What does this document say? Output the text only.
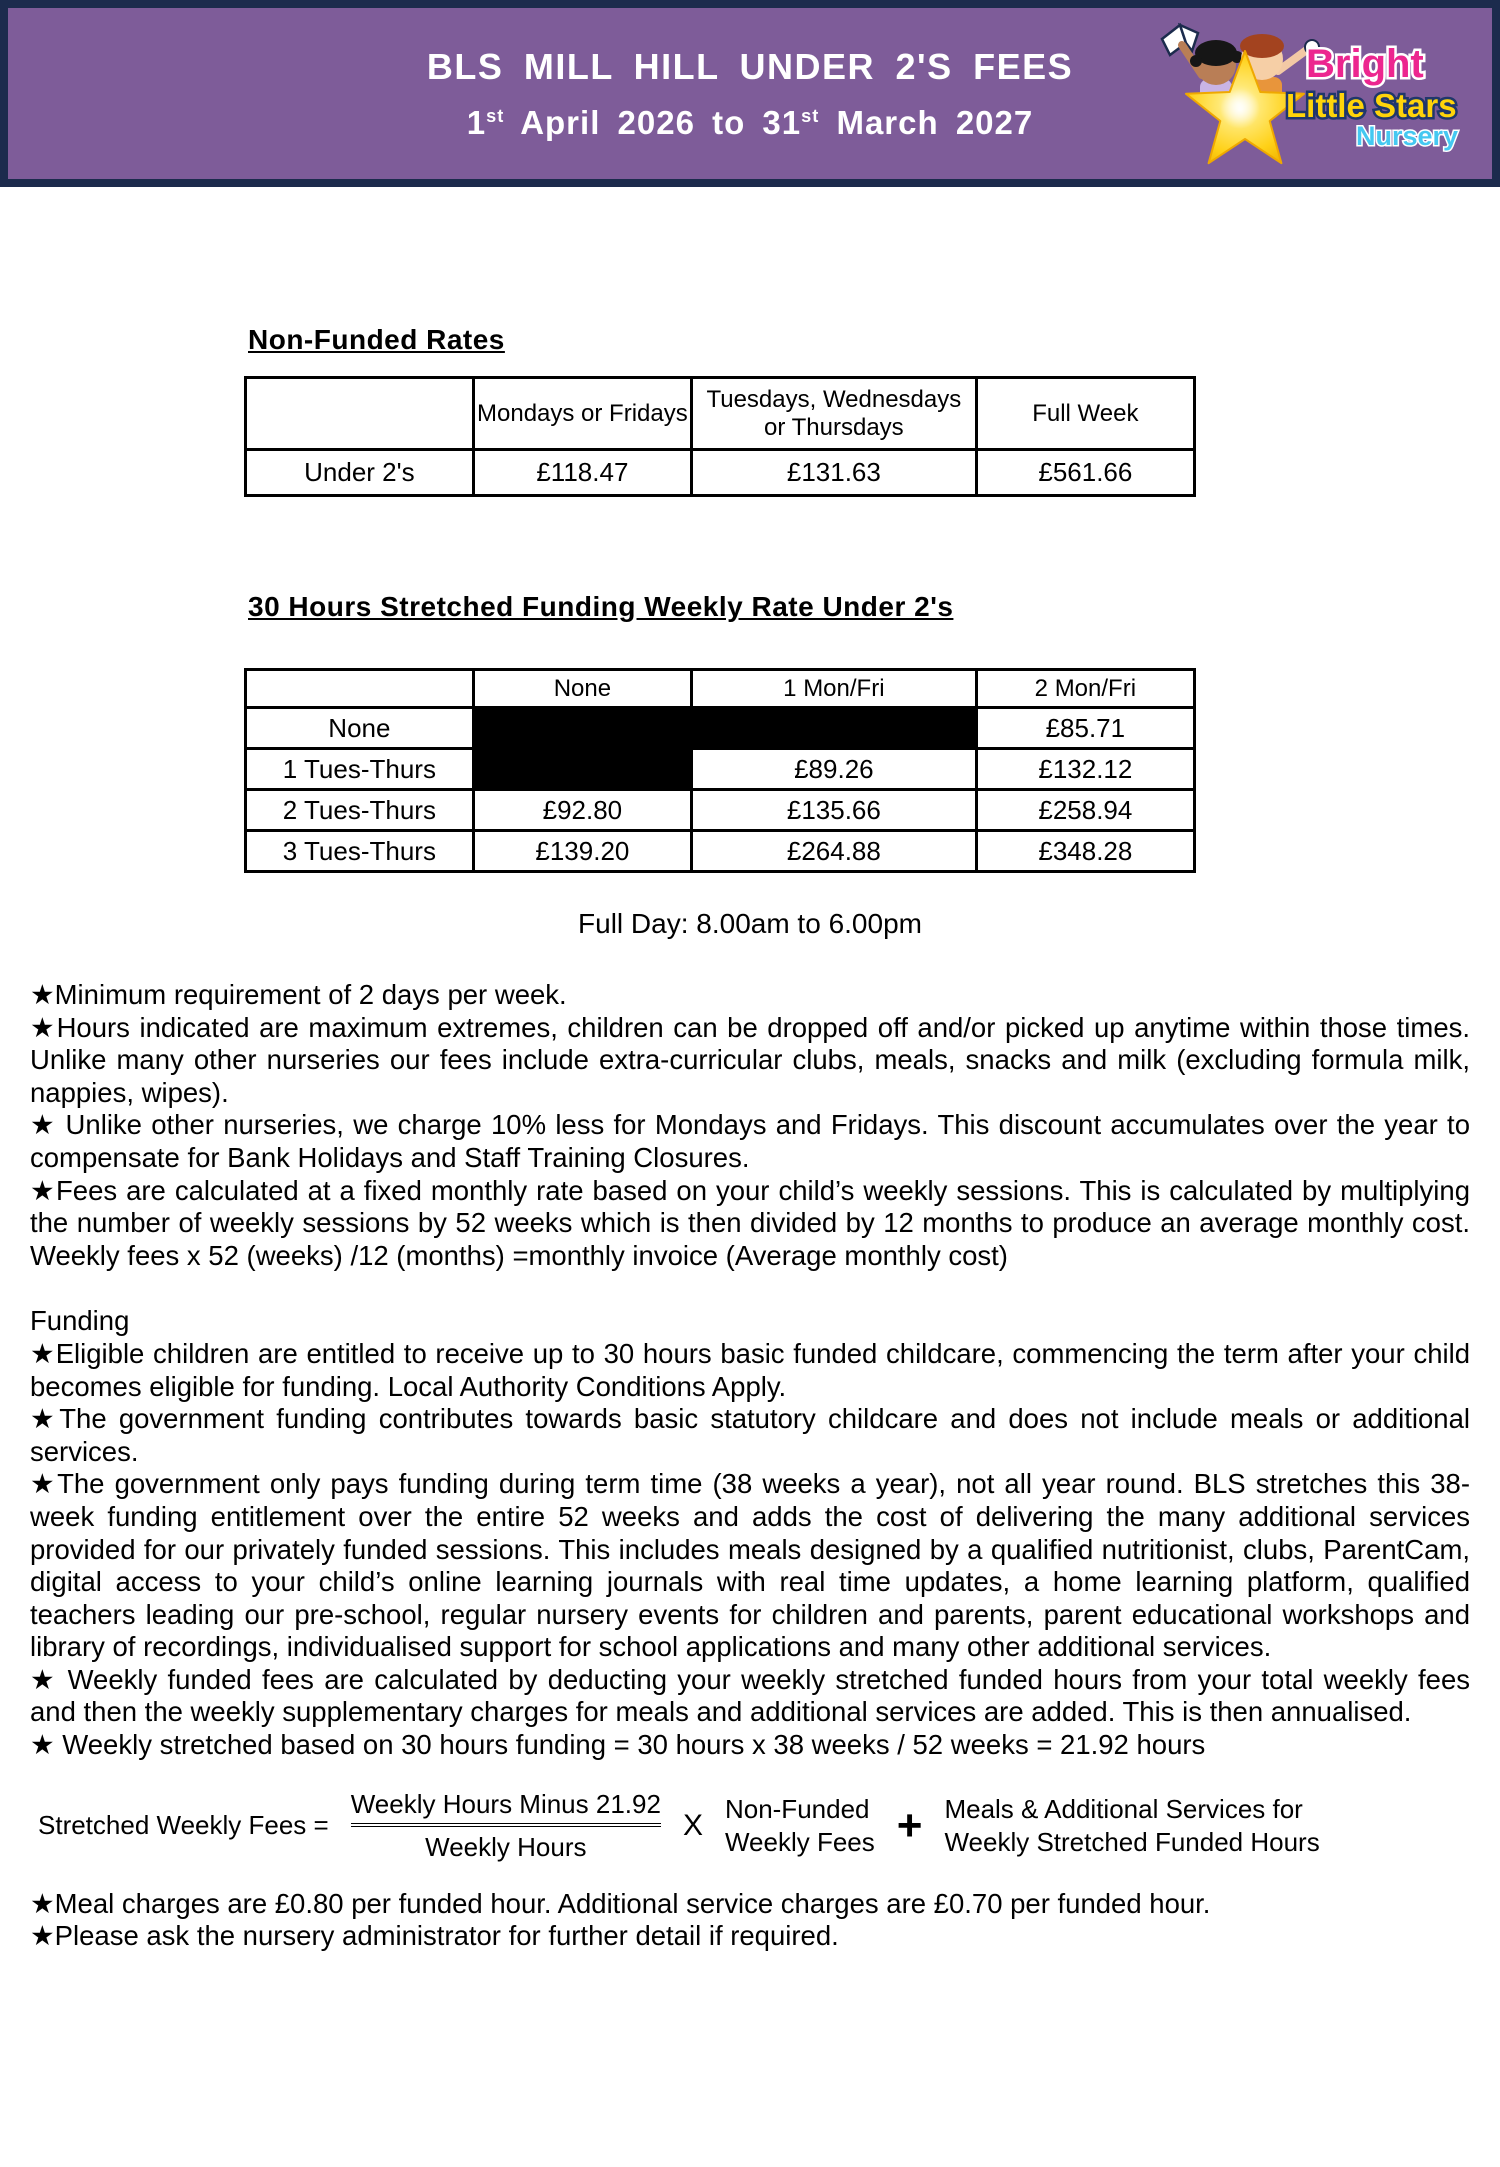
BLS MILL HILL UNDER 2'S FEES
1st April 2026 to 31st March 2027
Bright
Little Stars
Nursery
Non-Funded Rates
	Mondays or Fridays	Tuesdays, Wednesdays or Thursdays	Full Week
Under 2's	£118.47	£131.63	£561.66
30 Hours Stretched Funding Weekly Rate Under 2's
	None	1 Mon/Fri	2 Mon/Fri
None			£85.71
1 Tues-Thurs		£89.26	£132.12
2 Tues-Thurs	£92.80	£135.66	£258.94
3 Tues-Thurs	£139.20	£264.88	£348.28
Full Day: 8.00am to 6.00pm

★Minimum requirement of 2 days per week.

★Hours indicated are maximum extremes, children can be dropped off and/or picked up anytime within those times. Unlike many other nurseries our fees include extra-curricular clubs, meals, snacks and milk (excluding formula milk, nappies, wipes).

★ Unlike other nurseries, we charge 10% less for Mondays and Fridays. This discount accumulates over the year to compensate for Bank Holidays and Staff Training Closures.

★Fees are calculated at a fixed monthly rate based on your child’s weekly sessions. This is calculated by multiplying the number of weekly sessions by 52 weeks which is then divided by 12 months to produce an average monthly cost. Weekly fees x 52 (weeks) /12 (months) =monthly invoice (Average monthly cost)

Funding

★Eligible children are entitled to receive up to 30 hours basic funded childcare, commencing the term after your child becomes eligible for funding. Local Authority Conditions Apply.

★The government funding contributes towards basic statutory childcare and does not include meals or additional services.

★The government only pays funding during term time (38 weeks a year), not all year round. BLS stretches this 38-week funding entitlement over the entire 52 weeks and adds the cost of delivering the many additional services provided for our privately funded sessions. This includes meals designed by a qualified nutritionist, clubs, ParentCam, digital access to your child’s online learning journals with real time updates, a home learning platform, qualified teachers leading our pre-school, regular nursery events for children and parents, parent educational workshops and library of recordings, individualised support for school applications and many other additional services.

★ Weekly funded fees are calculated by deducting your weekly stretched funded hours from your total weekly fees and then the weekly supplementary charges for meals and additional services are added. This is then annualised.

★ Weekly stretched based on 30 hours funding = 30 hours x 38 weeks / 52 weeks = 21.92 hours

Stretched Weekly Fees = $\frac{\text{Weekly Hours Minus 21.92}}{\text{Weekly Hours}}$ X Non-Funded
Weekly Fees + Meals & Additional Services for
Weekly Stretched Funded Hours

★Meal charges are £0.80 per funded hour. Additional service charges are £0.70 per funded hour.

★Please ask the nursery administrator for further detail if required.
